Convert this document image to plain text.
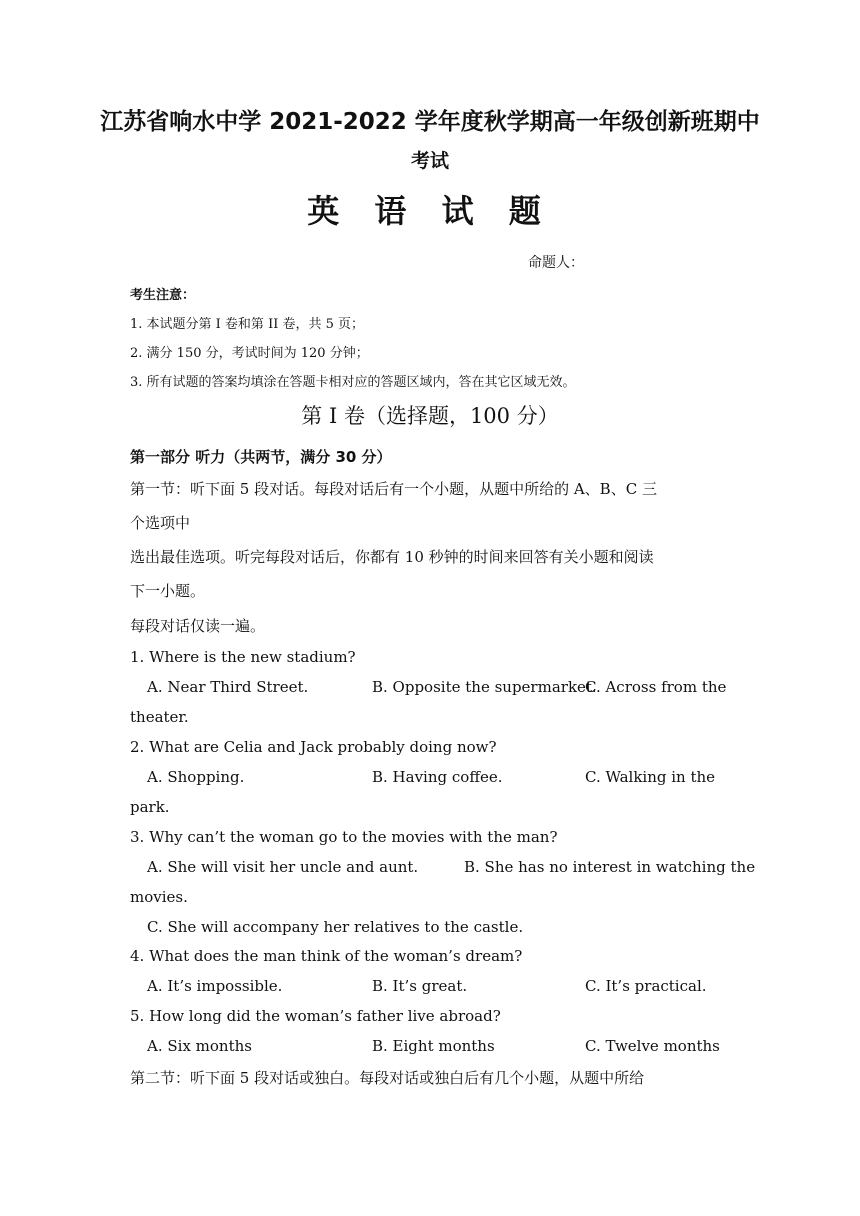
江苏省响水中学 2021-2022 学年度秋学期高一年级创新班期中
考试
英 语 试 题
命题人：
考生注意：
1. 本试题分第 I 卷和第 II 卷，共 5 页；
2. 满分 150 分，考试时间为 120 分钟；
3. 所有试题的答案均填涂在答题卡相对应的答题区域内，答在其它区域无效。
第 I 卷（选择题，100 分）
第一部分 听力（共两节，满分 30 分）
第一节：听下面 5 段对话。每段对话后有一个小题，从题中所给的 A、B、C 三
个选项中
选出最佳选项。听完每段对话后，你都有 10 秒钟的时间来回答有关小题和阅读
下一小题。
每段对话仅读一遍。
1. Where is the new stadium?
A. Near Third Street.	B. Opposite the supermarket.
C. Across from the
theater.
2. What are Celia and Jack probably doing now?
A. Shopping.	B. Having coffee.	C. Walking in the
park.
3. Why can’t the woman go to the movies with the man?
A. She will visit her uncle and aunt.	B. She has no interest in watching the
movies.
C. She will accompany her relatives to the castle.
4. What does the man think of the woman’s dream?
A. It’s impossible.	B. It’s great.	C. It’s practical.
5. How long did the woman’s father live abroad?
A. Six months	B. Eight months	C. Twelve months
第二节：听下面 5 段对话或独白。每段对话或独白后有几个小题，从题中所给
